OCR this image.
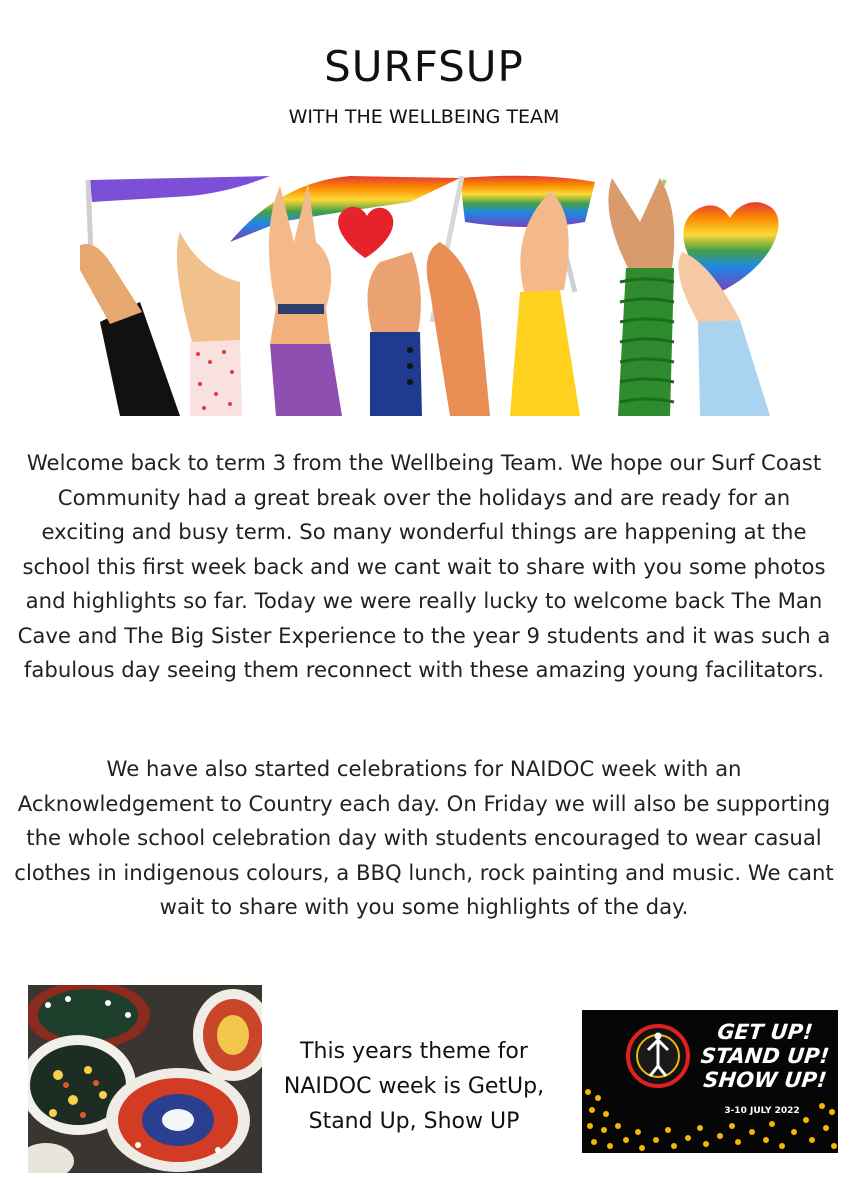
SURFSUP
WITH THE WELLBEING TEAM
Welcome back to term 3 from the Wellbeing Team. We hope our Surf Coast Community had a great break over the holidays and are ready for an exciting and busy term. So many wonderful things are happening at the school this first week back and we cant wait to share with you some photos and highlights so far. Today we were really lucky to welcome back The Man Cave and The Big Sister Experience to the year 9 students and it was such a fabulous day seeing them reconnect with these amazing young facilitators.
We have also started celebrations for NAIDOC week with an Acknowledgement to Country each day. On Friday we will also be supporting the whole school celebration day with students encouraged to wear casual clothes in indigenous colours, a BBQ lunch, rock painting and music. We cant wait to share with you some highlights of the day.
This years theme for NAIDOC week is GetUp, Stand Up, Show UP
GET UP!
STAND UP!
SHOW UP!
3-10 JULY 2022
